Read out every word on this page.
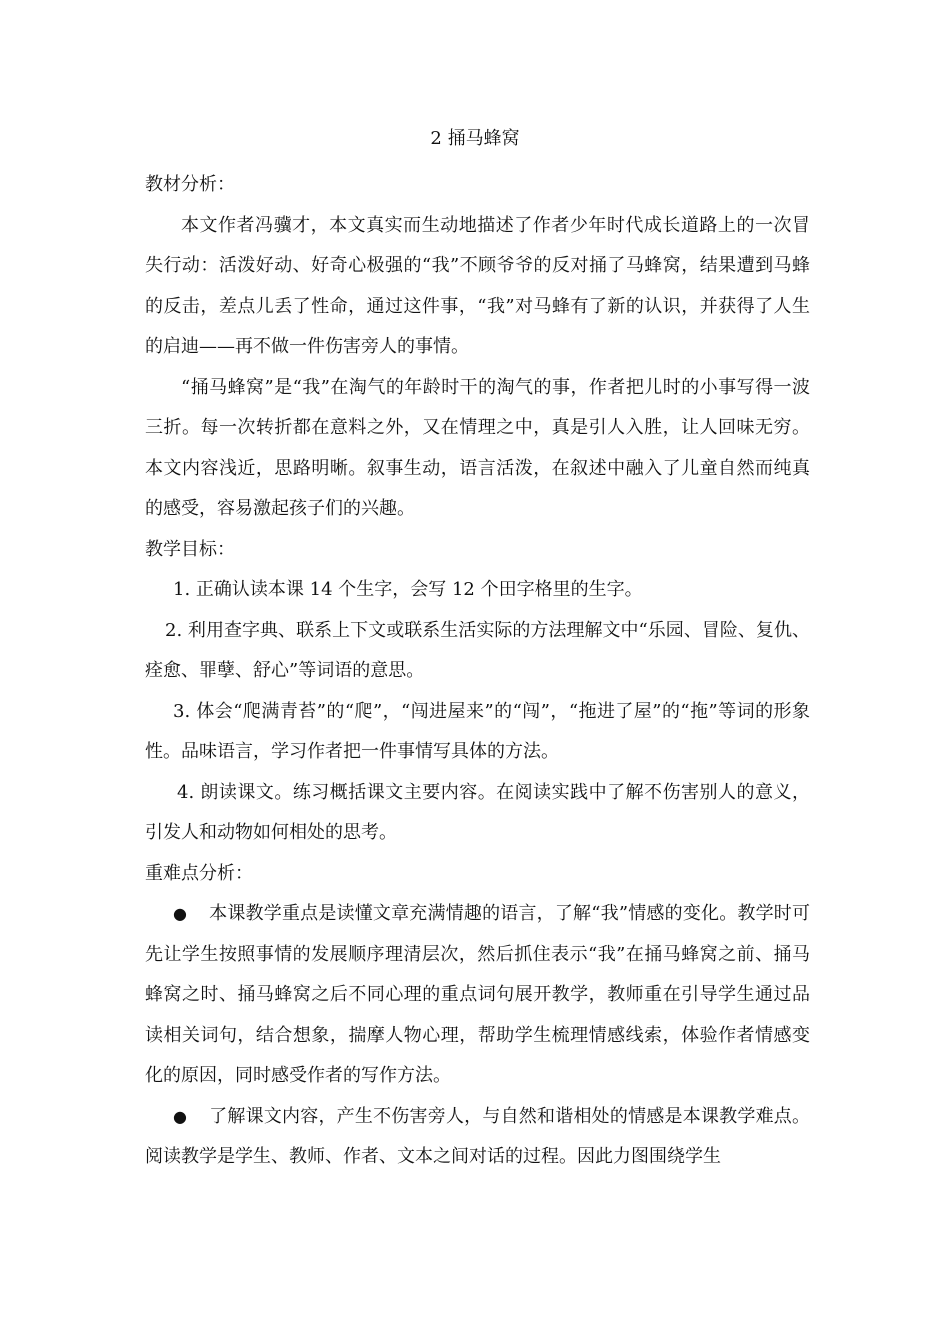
2 捅马蜂窝

教材分析：

本文作者冯骥才，本文真实而生动地描述了作者少年时代成长道路上的一次冒失行动：活泼好动、好奇心极强的“我”不顾爷爷的反对捅了马蜂窝，结果遭到马蜂的反击，差点儿丢了性命，通过这件事，“我”对马蜂有了新的认识，并获得了人生的启迪——再不做一件伤害旁人的事情。

“捅马蜂窝”是“我”在淘气的年龄时干的淘气的事，作者把儿时的小事写得一波三折。每一次转折都在意料之外，又在情理之中，真是引人入胜，让人回味无穷。本文内容浅近，思路明晰。叙事生动，语言活泼，在叙述中融入了儿童自然而纯真的感受，容易激起孩子们的兴趣。

教学目标：

1. 正确认读本课 14 个生字，会写 12 个田字格里的生字。

2. 利用查字典、联系上下文或联系生活实际的方法理解文中“乐园、冒险、复仇、痊愈、罪孽、舒心”等词语的意思。

3. 体会“爬满青苔”的“爬”，“闯进屋来”的“闯”，“拖进了屋”的“拖”等词的形象性。品味语言，学习作者把一件事情写具体的方法。

4. 朗读课文。练习概括课文主要内容。在阅读实践中了解不伤害别人的意义，引发人和动物如何相处的思考。

重难点分析：

● 本课教学重点是读懂文章充满情趣的语言，了解“我”情感的变化。教学时可先让学生按照事情的发展顺序理清层次，然后抓住表示“我”在捅马蜂窝之前、捅马蜂窝之时、捅马蜂窝之后不同心理的重点词句展开教学，教师重在引导学生通过品读相关词句，结合想象，揣摩人物心理，帮助学生梳理情感线索，体验作者情感变化的原因，同时感受作者的写作方法。

● 了解课文内容，产生不伤害旁人，与自然和谐相处的情感是本课教学难点。阅读教学是学生、教师、作者、文本之间对话的过程。因此力图围绕学生
